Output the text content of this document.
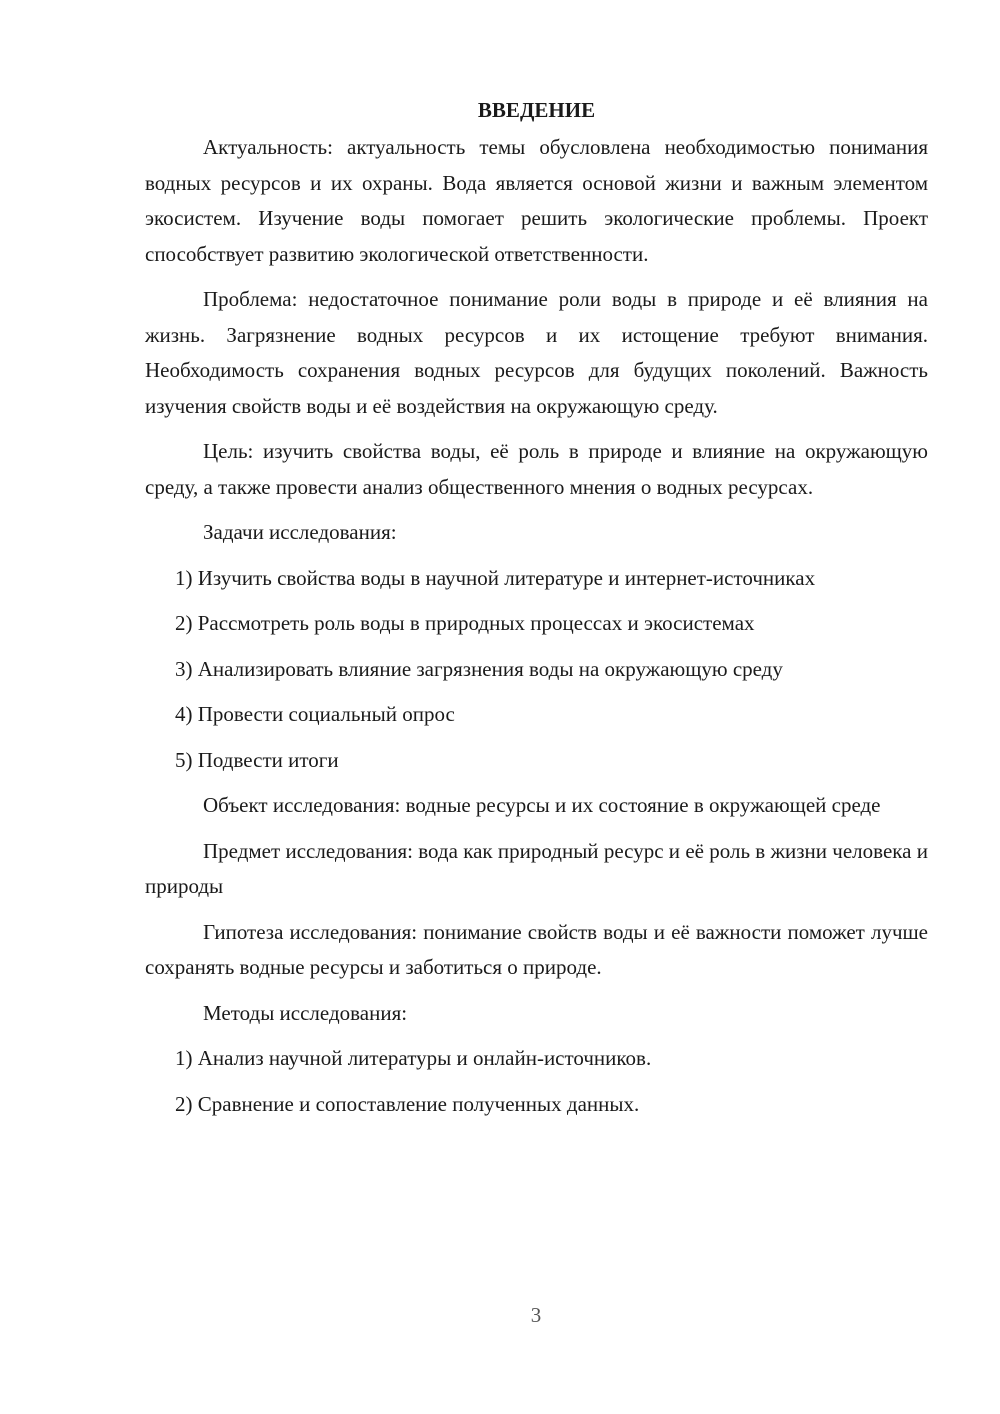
ВВЕДЕНИЕ

Актуальность: актуальность темы обусловлена необходимостью понимания водных ресурсов и их охраны. Вода является основой жизни и важным элементом экосистем. Изучение воды помогает решить экологические проблемы. Проект способствует развитию экологической ответственности.

Проблема: недостаточное понимание роли воды в природе и её влияния на жизнь. Загрязнение водных ресурсов и их истощение требуют внимания. Необходимость сохранения водных ресурсов для будущих поколений. Важность изучения свойств воды и её воздействия на окружающую среду.

Цель: изучить свойства воды, её роль в природе и влияние на окружающую среду, а также провести анализ общественного мнения о водных ресурсах.

Задачи исследования:

1) Изучить свойства воды в научной литературе и интернет-источниках
2) Рассмотреть роль воды в природных процессах и экосистемах
3) Анализировать влияние загрязнения воды на окружающую среду
4) Провести социальный опрос
5) Подвести итоги

Объект исследования: водные ресурсы и их состояние в окружающей среде

Предмет исследования: вода как природный ресурс и её роль в жизни человека и природы

Гипотеза исследования: понимание свойств воды и её важности поможет лучше сохранять водные ресурсы и заботиться о природе.

Методы исследования:

1) Анализ научной литературы и онлайн-источников.
2) Сравнение и сопоставление полученных данных.
3
